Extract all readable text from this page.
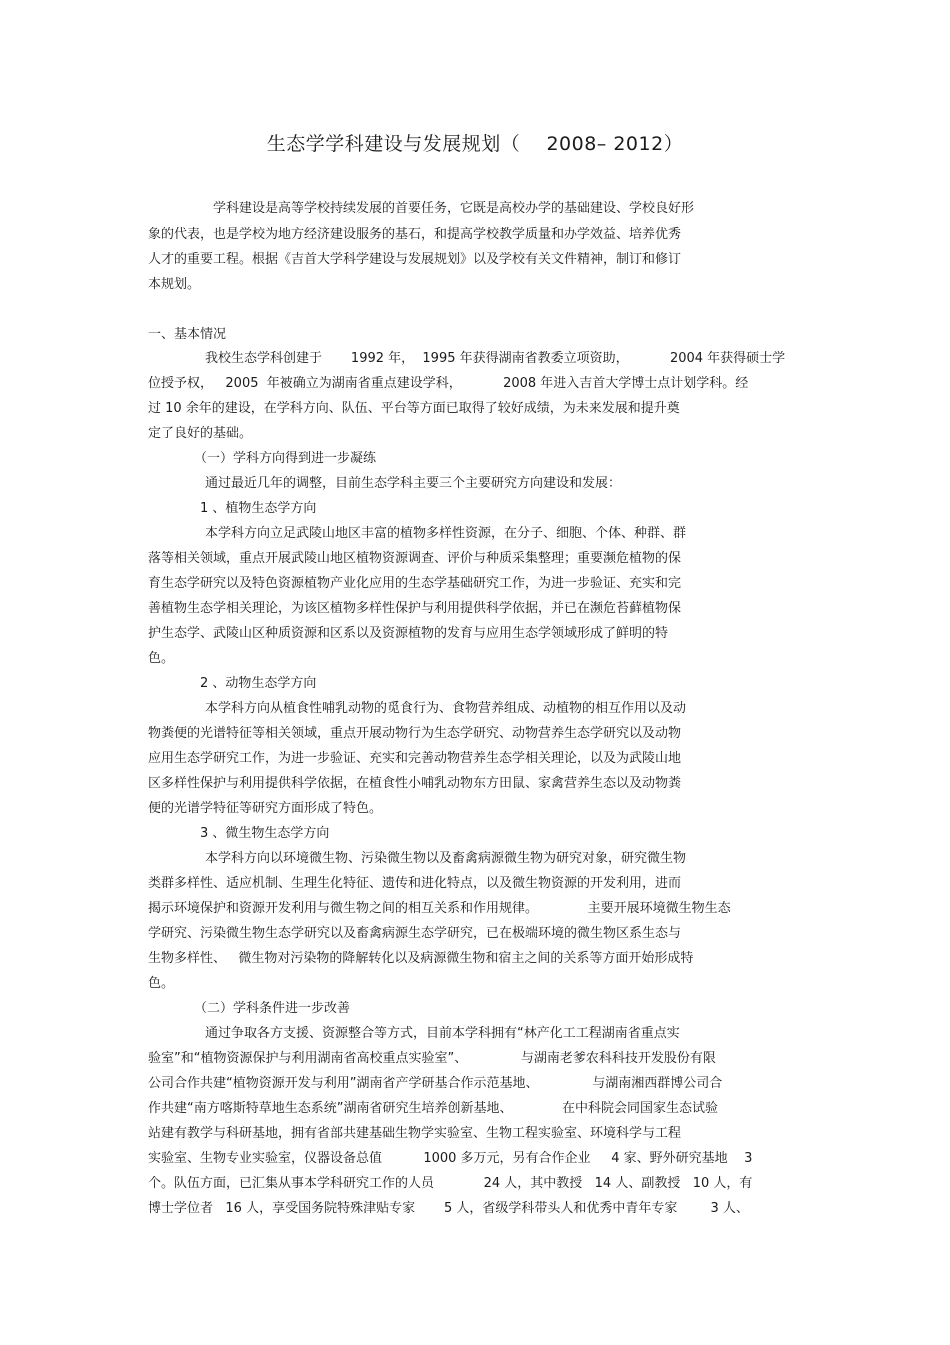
生态学学科建设与发展规划（    2008– 2012）
学科建设是高等学校持续发展的首要任务，它既是高校办学的基础建设、学校良好形
象的代表，也是学校为地方经济建设服务的基石，和提高学校教学质量和办学效益、培养优秀
人才的重要工程。根据《吉首大学科学建设与发展规划》以及学校有关文件精神，制订和修订
本规划。
一、基本情况
我校生态学科创建于       1992 年，  1995 年获得湖南省教委立项资助，          2004 年获得硕士学
位授予权，   2005  年被确立为湖南省重点建设学科，          2008 年进入吉首大学博士点计划学科。经
过 10 余年的建设，在学科方向、队伍、平台等方面已取得了较好成绩，为未来发展和提升奠
定了良好的基础。
（一）学科方向得到进一步凝练
通过最近几年的调整，目前生态学科主要三个主要研究方向建设和发展：
1 、植物生态学方向
本学科方向立足武陵山地区丰富的植物多样性资源，在分子、细胞、个体、种群、群
落等相关领域，重点开展武陵山地区植物资源调查、评价与种质采集整理；重要濒危植物的保
育生态学研究以及特色资源植物产业化应用的生态学基础研究工作，为进一步验证、充实和完
善植物生态学相关理论，为该区植物多样性保护与利用提供科学依据，并已在濒危苔藓植物保
护生态学、武陵山区种质资源和区系以及资源植物的发育与应用生态学领域形成了鲜明的特
色。
2 、动物生态学方向
本学科方向从植食性哺乳动物的觅食行为、食物营养组成、动植物的相互作用以及动
物粪便的光谱特征等相关领域，重点开展动物行为生态学研究、动物营养生态学研究以及动物
应用生态学研究工作，为进一步验证、充实和完善动物营养生态学相关理论，以及为武陵山地
区多样性保护与利用提供科学依据，在植食性小哺乳动物东方田鼠、家禽营养生态以及动物粪
便的光谱学特征等研究方面形成了特色。
3 、微生物生态学方向
本学科方向以环境微生物、污染微生物以及畜禽病源微生物为研究对象，研究微生物
类群多样性、适应机制、生理生化特征、遗传和进化特点，以及微生物资源的开发利用，进而
揭示环境保护和资源开发利用与微生物之间的相互关系和作用规律。            主要开展环境微生物生态
学研究、污染微生物生态学研究以及畜禽病源生态学研究，已在极端环境的微生物区系生态与
生物多样性、   微生物对污染物的降解转化以及病源微生物和宿主之间的关系等方面开始形成特
色。
（二）学科条件进一步改善
通过争取各方支援、资源整合等方式，目前本学科拥有“林产化工工程湖南省重点实
验室”和“植物资源保护与利用湖南省高校重点实验室”、             与湖南老爹农科科技开发股份有限
公司合作共建“植物资源开发与利用”湖南省产学研基合作示范基地、             与湖南湘西群博公司合
作共建“南方喀斯特草地生态系统”湖南省研究生培养创新基地、            在中科院会同国家生态试验
站建有教学与科研基地，拥有省部共建基础生物学实验室、生物工程实验室、环境科学与工程
实验室、生物专业实验室，仪器设备总值          1000 多万元，另有合作企业     4 家、野外研究基地    3
个。队伍方面，已汇集从事本学科研究工作的人员            24 人，其中教授   14 人、副教授   10 人，有
博士学位者   16 人，享受国务院特殊津贴专家       5 人，省级学科带头人和优秀中青年专家        3 人、
